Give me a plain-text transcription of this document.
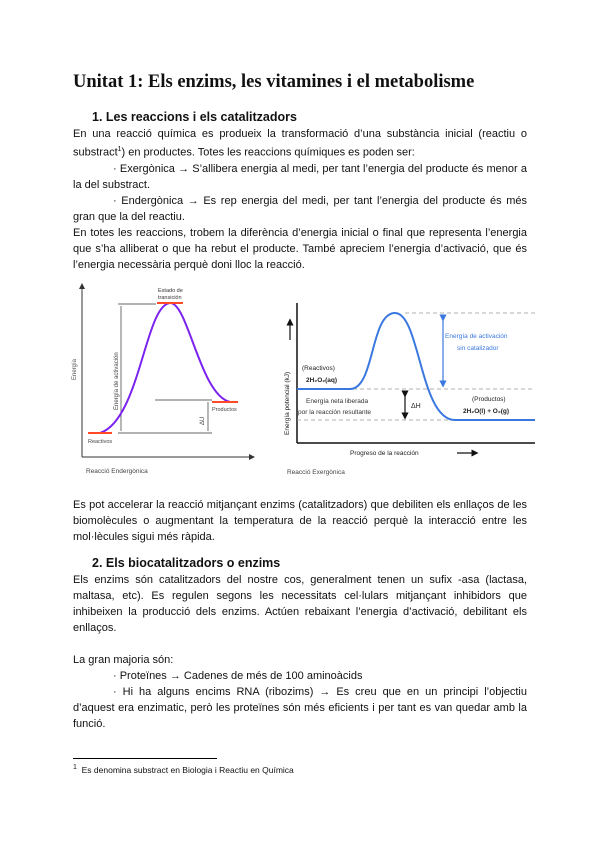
Unitat 1: Els enzims, les vitamines i el metabolisme
1. Les reaccions i els catalitzadors

En una reacció química es produeix la transformació d’una substància inicial (reactiu o substract$^1$) en productes. Totes les reaccions químiques es poden ser:

· Exergònica → S’allibera energia al medi, per tant l’energia del producte és menor a la del substract.

· Endergònica → Es rep energia del medi, per tant l’energia del producte és més gran que la del reactiu.

En totes les reaccions, trobem la diferència d’energia inicial o final que representa l’energia que s’ha alliberat o que ha rebut el producte. També apreciem l’energia d’activació, que és l’energia necessària perquè doni lloc la reacció.

Energía
Estado de
transición
Energía de activación
ΔU
Productos
Reactivos
Reacció Endergònica
Energía potencial (kJ)
(Reactivos)
2H₂O₂(aq)
Energía neta liberada
por la reacción resultante
ΔH
Energía de activación
sin catalizador
(Productos)
2H₂O(l) + O₂(g)
Progreso de la reacción
Reacció Exergònica

Es pot accelerar la reacció mitjançant enzims (catalitzadors) que debiliten els enllaços de les biomolècules o augmentant la temperatura de la reacció perquè la interacció entre les mol·lècules sigui més ràpida.

2. Els biocatalitzadors o enzims

Els enzims són catalitzadors del nostre cos, generalment tenen un sufix -asa (lactasa, maltasa, etc). Es regulen segons les necessitats cel·lulars mitjançant inhibidors que inhibeixen la producció dels enzims. Actúen rebaixant l’energia d’activació, debilitant els enllaços.

La gran majoria són:

· Proteïnes → Cadenes de més de 100 aminoàcids

· Hi ha alguns encims RNA (ribozims) → Es creu que en un principi l’objectiu d’aquest era enzimatic, però les proteïnes són més eficients i per tant es van quedar amb la funció.

$^1$ Es denomina substract en Biologia i Reactiu en Química
